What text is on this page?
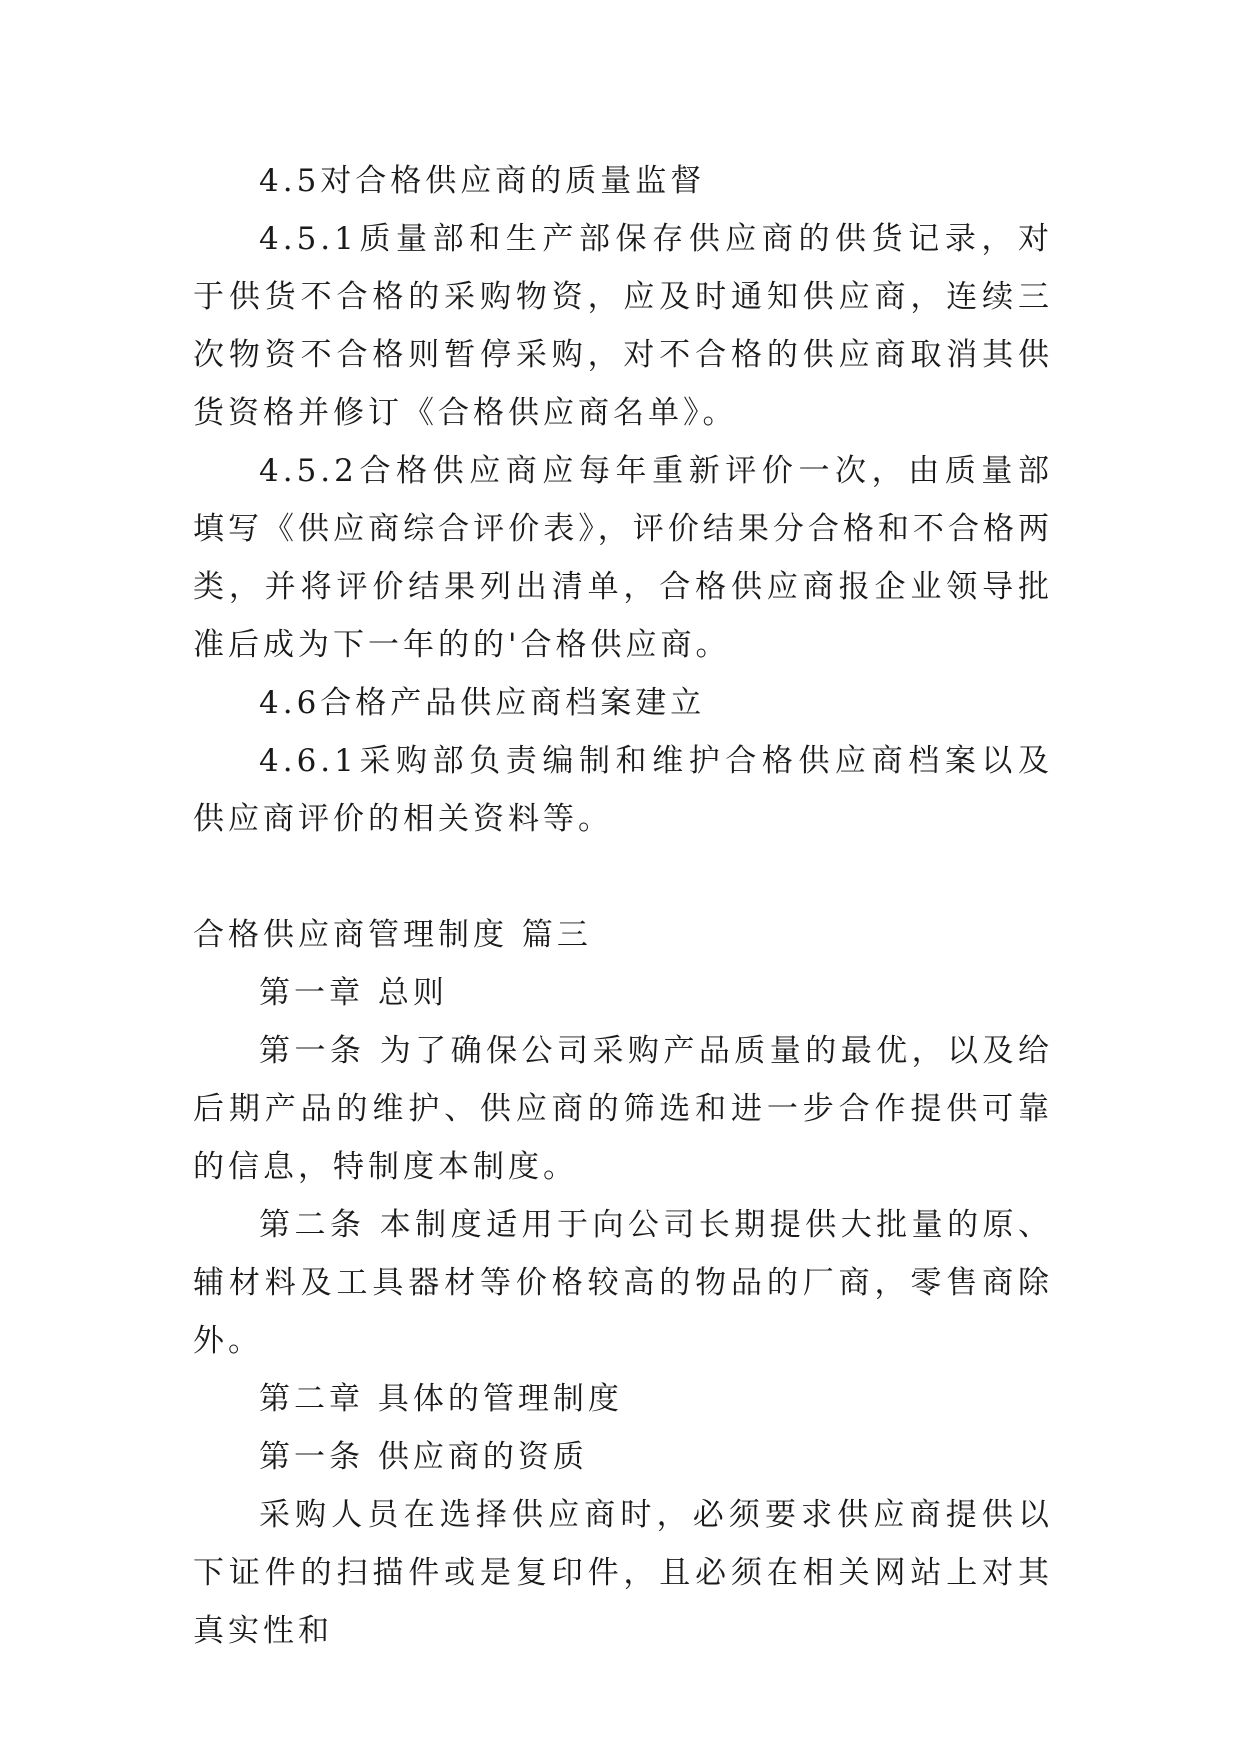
4.5对合格供应商的质量监督

4.5.1质量部和生产部保存供应商的供货记录，对于供货不合格的采购物资，应及时通知供应商，连续三次物资不合格则暂停采购，对不合格的供应商取消其供货资格并修订《合格供应商名单》。

4.5.2合格供应商应每年重新评价一次，由质量部填写《供应商综合评价表》，评价结果分合格和不合格两类，并将评价结果列出清单，合格供应商报企业领导批准后成为下一年的的'合格供应商。

4.6合格产品供应商档案建立

4.6.1采购部负责编制和维护合格供应商档案以及供应商评价的相关资料等。

合格供应商管理制度 篇三

第一章 总则

第一条 为了确保公司采购产品质量的最优，以及给后期产品的维护、供应商的筛选和进一步合作提供可靠的信息，特制度本制度。

第二条 本制度适用于向公司长期提供大批量的原、辅材料及工具器材等价格较高的物品的厂商，零售商除外。

第二章 具体的管理制度

第一条 供应商的资质

采购人员在选择供应商时，必须要求供应商提供以下证件的扫描件或是复印件，且必须在相关网站上对其真实性和
